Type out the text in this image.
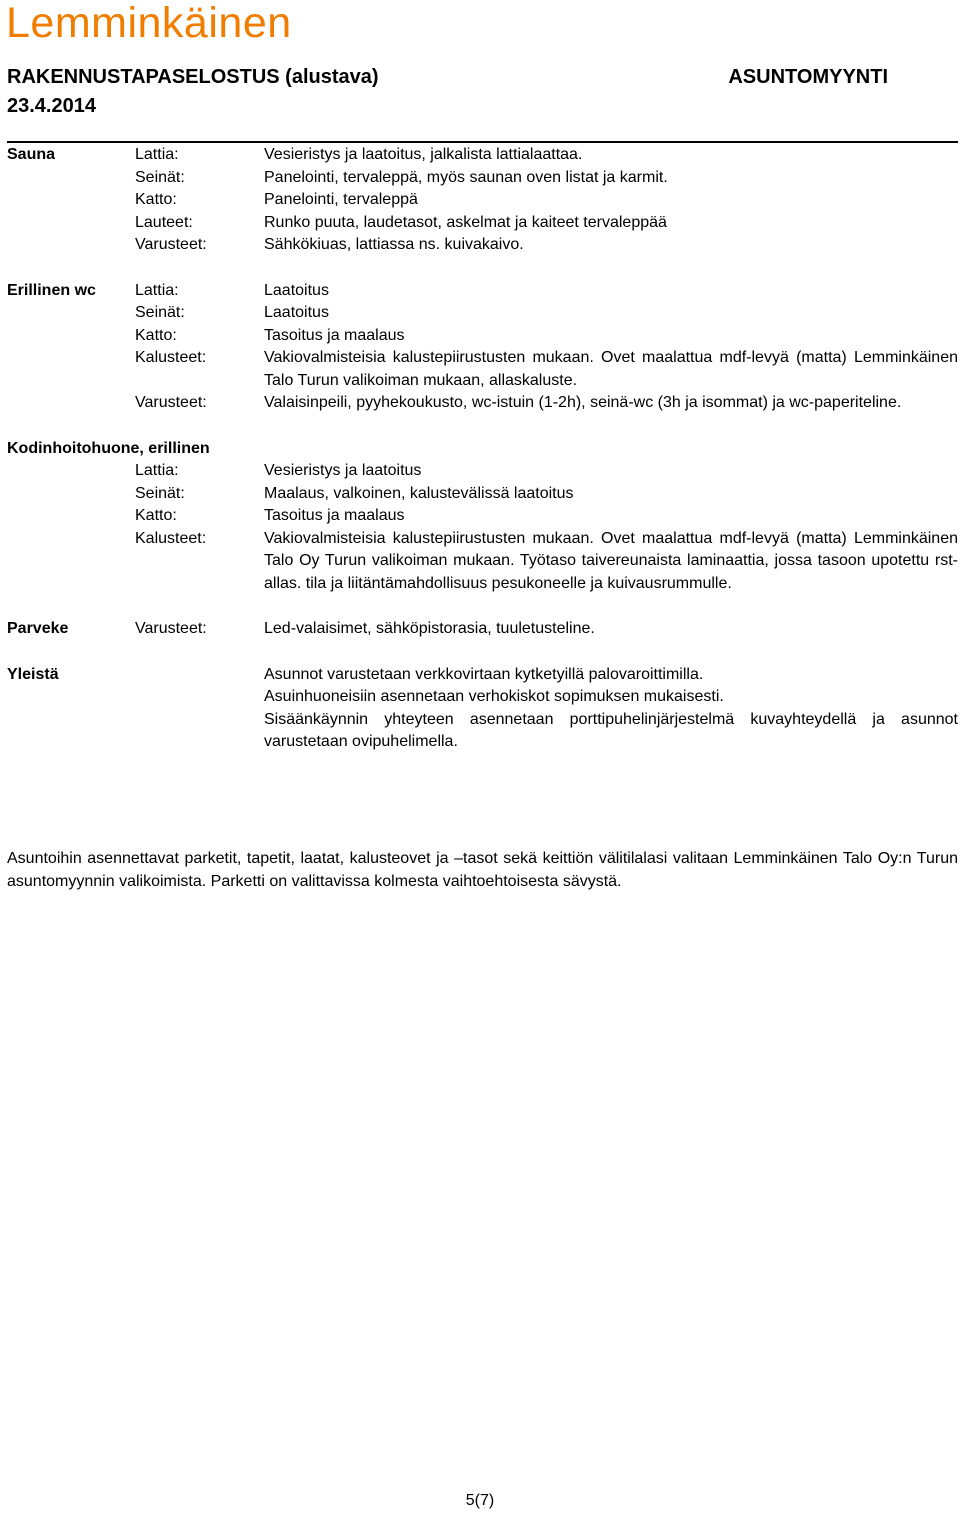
Lemminkäinen
RAKENNUSTAPASELOSTUS (alustava)
23.4.2014
ASUNTOMYYNTI
Sauna	Lattia:	Vesieristys ja laatoitus, jalkalista lattialaattaa.
Seinät:	Panelointi, tervaleppä, myös saunan oven listat ja karmit.
Katto:	Panelointi, tervaleppä
Lauteet:	Runko puuta, laudetasot, askelmat ja kaiteet tervaleppää
Varusteet:	Sähkökiuas, lattiassa ns. kuivakaivo.
Erillinen wc	Lattia:	Laatoitus
Seinät:	Laatoitus
Katto:	Tasoitus ja maalaus
Kalusteet:	Vakiovalmisteisia kalustepiirustusten mukaan. Ovet maalattua mdf-levyä (matta) Lemminkäinen Talo Turun valikoiman mukaan, allaskaluste.
Varusteet:	Valaisinpeili, pyyhekoukusto, wc-istuin (1-2h), seinä-wc (3h ja isommat) ja wc-paperiteline.
Kodinhoitohuone, erillinen
Lattia:	Vesieristys ja laatoitus
Seinät:	Maalaus, valkoinen, kalustevälissä laatoitus
Katto:	Tasoitus ja maalaus
Kalusteet:	Vakiovalmisteisia kalustepiirustusten mukaan. Ovet maalattua mdf-levyä (matta) Lemminkäinen Talo Oy Turun valikoiman mukaan. Työtaso taivereunaista laminaattia, jossa tasoon upotettu rst-allas. tila ja liitäntämahdollisuus pesukoneelle ja kuivausrummulle.
Parveke	Varusteet:	Led-valaisimet, sähköpistorasia, tuuletusteline.
Yleistä	Asunnot varustetaan verkkovirtaan kytketyillä palovaroittimilla.
Asuinhuoneisiin asennetaan verhokiskot sopimuksen mukaisesti.
Sisäänkäynnin yhteyteen asennetaan porttipuhelinjärjestelmä kuvayhteydellä ja asunnot varustetaan ovipuhelimella.
Asuntoihin asennettavat parketit, tapetit, laatat, kalusteovet ja –tasot sekä keittiön välitilalasi valitaan Lemminkäinen Talo Oy:n Turun asuntomyynnin valikoimista. Parketti on valittavissa kolmesta vaihtoehtoisesta sävystä.
5(7)
